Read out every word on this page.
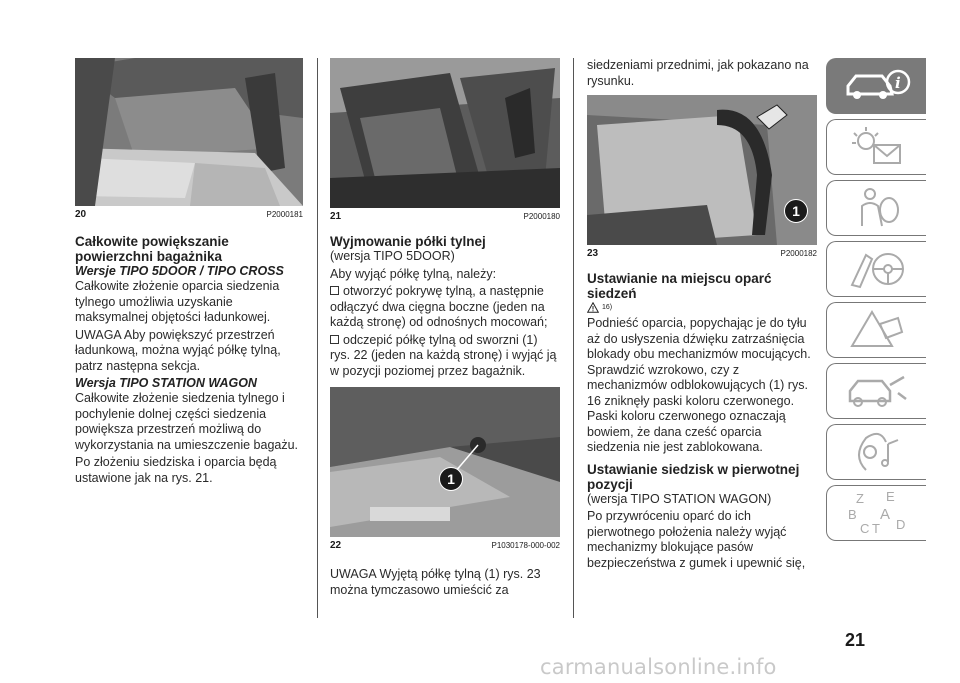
20	P2000181
Całkowite powiększanie
powierzchni bagażnika
Wersje TIPO 5DOOR / TIPO CROSS

Całkowite złożenie oparcia siedzenia tylnego umożliwia uzyskanie maksymalnej objętości ładunkowej.

UWAGA Aby powiększyć przestrzeń ładunkową, można wyjąć półkę tylną, patrz następna sekcja.

Wersja TIPO STATION WAGON

Całkowite złożenie siedzenia tylnego i pochylenie dolnej części siedzenia powiększa przestrzeń możliwą do wykorzystania na umieszczenie bagażu.

Po złożeniu siedziska i oparcia będą ustawione jak na rys. 21.

21	P2000180
Wyjmowanie półki tylnej

(wersja TIPO 5DOOR)

Aby wyjąć półkę tylną, należy:

otworzyć pokrywę tylną, a następnie odłączyć dwa cięgna boczne (jeden na każdą stronę) od odnośnych mocowań;

odczepić półkę tylną od sworzni (1) rys. 22 (jeden na każdą stronę) i wyjąć ją w pozycji poziomej przez bagażnik.

1
22	P1030178-000-002

UWAGA Wyjętą półkę tylną (1) rys. 23 można tymczasowo umieścić za

siedzeniami przednimi, jak pokazano na rysunku.

1
23	P2000182
Ustawianie na miejscu oparć siedzeń
16)

Podnieść oparcia, popychając je do tyłu aż do usłyszenia dźwięku zatrzaśnięcia blokady obu mechanizmów mocujących. Sprawdzić wzrokowo, czy z mechanizmów odblokowujących (1) rys. 16 zniknęły paski koloru czerwonego. Paski koloru czerwonego oznaczają bowiem, że dana cześć oparcia siedzenia nie jest zablokowana.

Ustawianie siedzisk w pierwotnej pozycji

(wersja TIPO STATION WAGON)

Po przywróceniu oparć do ich pierwotnego położenia należy wyjąć mechanizmy blokujące pasów bezpieczeństwa z gumek i upewnić się,

i
Z E
B A
C T D
21
carmanualsonline.info
